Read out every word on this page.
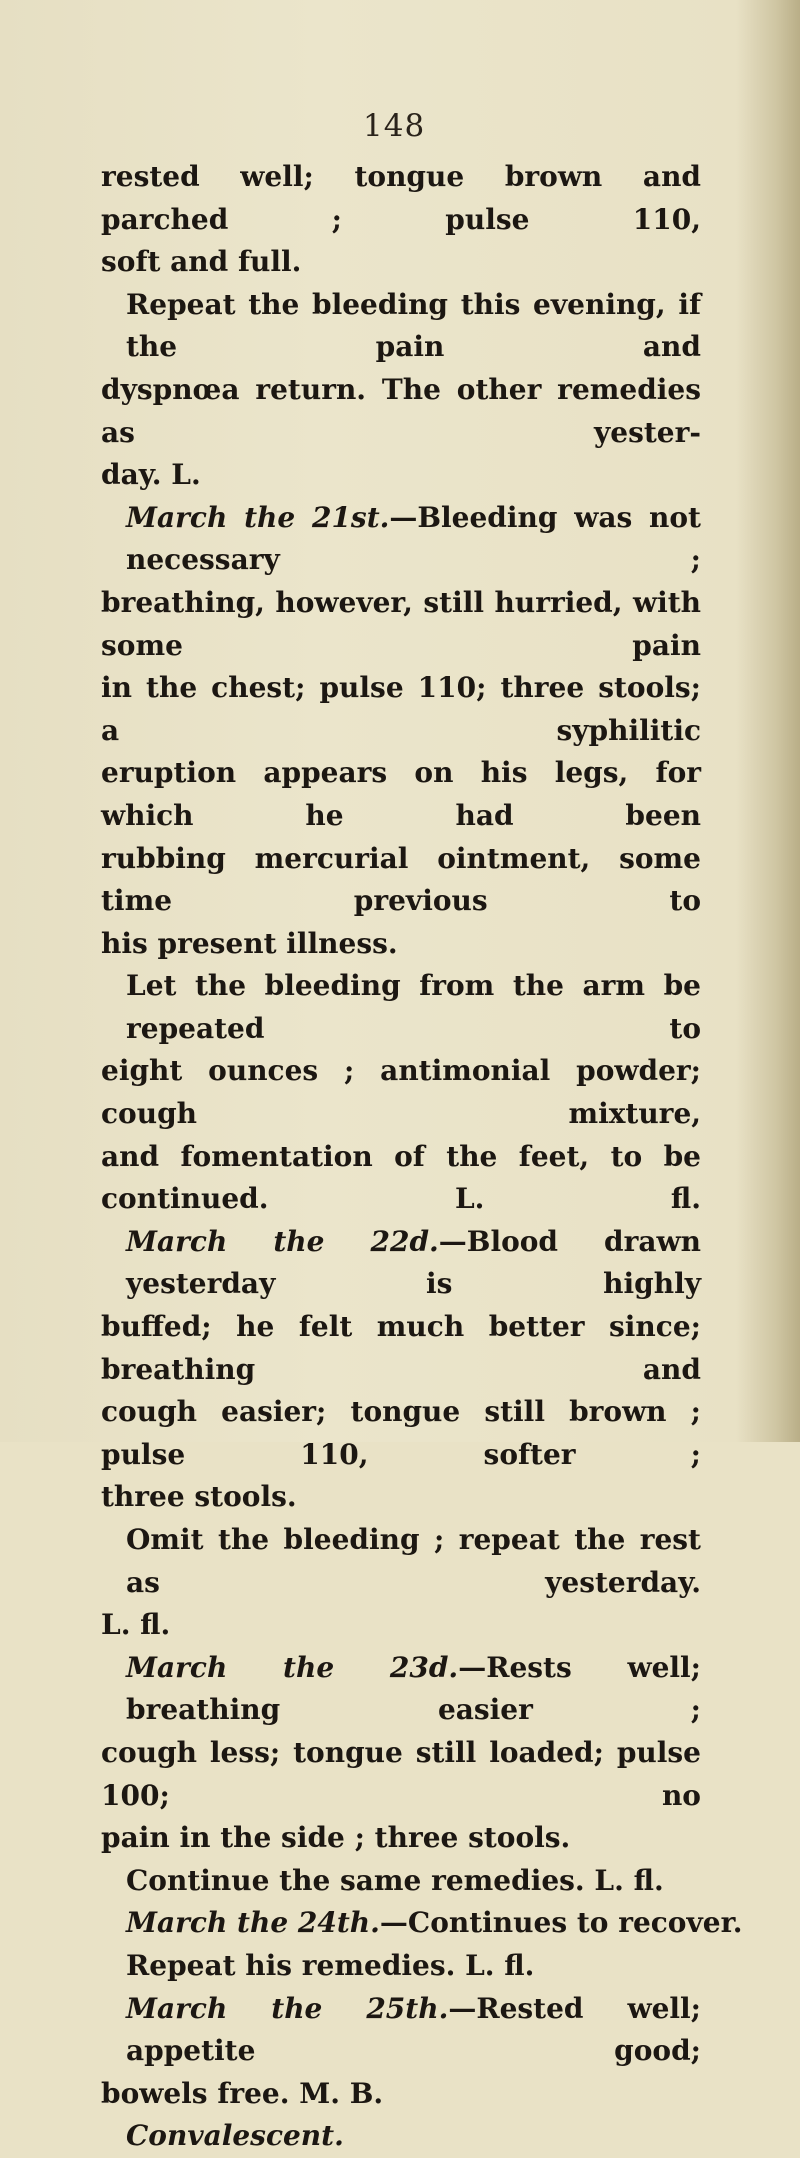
148
rested well; tongue brown and parched ; pulse 110,
soft and full.
Repeat the bleeding this evening, if the pain and
dyspnœa return. The other remedies as yester-
day. L.
March the 21st.—Bleeding was not necessary ;
breathing, however, still hurried, with some pain
in the chest; pulse 110; three stools; a syphilitic
eruption appears on his legs, for which he had been
rubbing mercurial ointment, some time previous to
his present illness.
Let the bleeding from the arm be repeated to
eight ounces ; antimonial powder; cough mixture,
and fomentation of the feet, to be continued. L. fl.
March the 22d.—Blood drawn yesterday is highly
buffed; he felt much better since; breathing and
cough easier; tongue still brown ; pulse 110, softer ;
three stools.
Omit the bleeding ; repeat the rest as yesterday.
L. fl.
March the 23d.—Rests well; breathing easier ;
cough less; tongue still loaded; pulse 100; no
pain in the side ; three stools.
Continue the same remedies. L. fl.
March the 24th.—Continues to recover.
Repeat his remedies. L. fl.
March the 25th.—Rested well; appetite good;
bowels free. M. B.
Convalescent.
